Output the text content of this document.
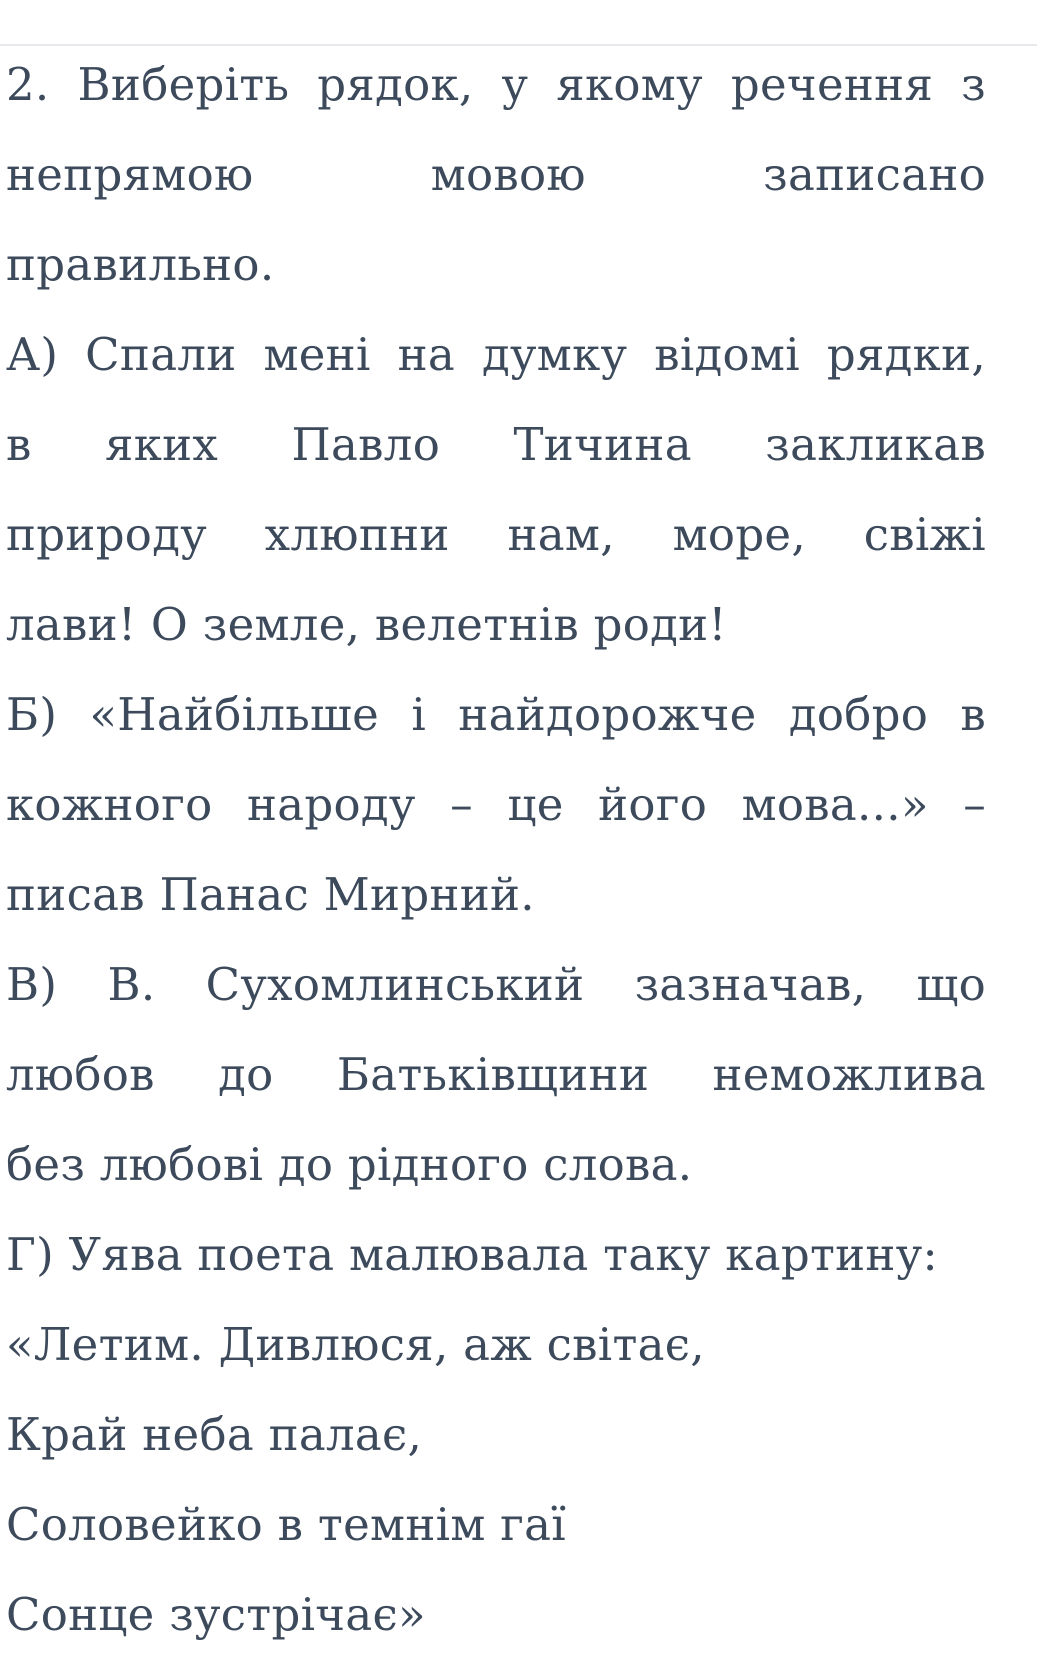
2. Виберіть рядок, у якому речення з
непрямою мовою записано
правильно.
А) Спали мені на думку відомі рядки,
в яких Павло Тичина закликав
природу хлюпни нам, море, свіжі
лави! О земле, велетнів роди!
Б) «Найбільше і найдорожче добро в
кожного народу – це його мова...» –
писав Панас Мирний.
В) В. Сухомлинський зазначав, що
любов до Батьківщини неможлива
без любові до рідного слова.
Г) Уява поета малювала таку картину:
«Летим. Дивлюся, аж світає,
Край неба палає,
Соловейко в темнім гаї
Сонце зустрічає»
